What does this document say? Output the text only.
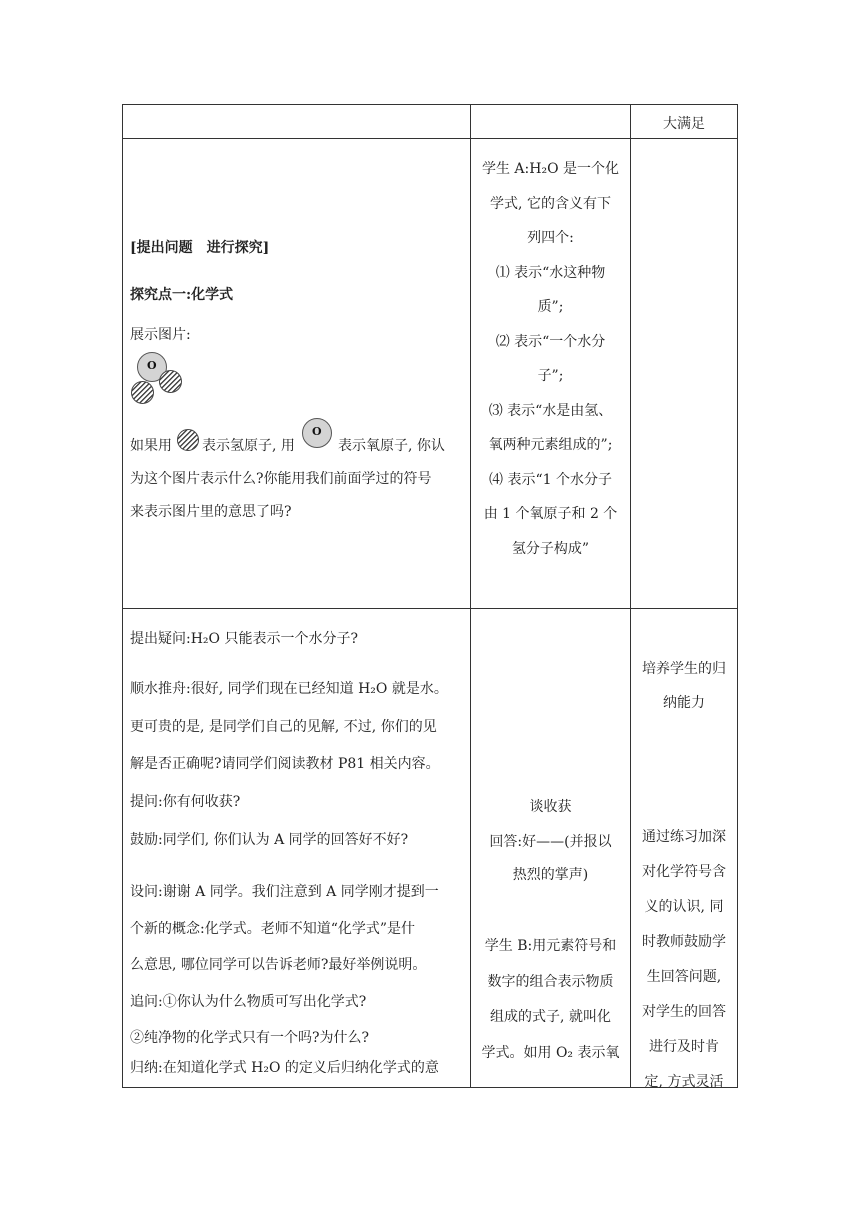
大满足
[提出问题　进行探究]
探究点一:化学式
展示图片:
O
如果用 表示氢原子, 用
O
表示氧原子, 你认
为这个图片表示什么?你能用我们前面学过的符号
来表示图片里的意思了吗?
学生 A:H₂O 是一个化
学式, 它的含义有下
列四个:
⑴ 表示“水这种物
质”;
⑵ 表示“一个水分
子”;
⑶ 表示“水是由氢、
氧两种元素组成的”;
⑷ 表示“1 个水分子
由 1 个氧原子和 2 个
氢分子构成”
提出疑问:H₂O 只能表示一个水分子?
顺水推舟:很好, 同学们现在已经知道 H₂O 就是水。
更可贵的是, 是同学们自己的见解, 不过, 你们的见
解是否正确呢?请同学们阅读教材 P81 相关内容。
提问:你有何收获?
鼓励:同学们, 你们认为 A 同学的回答好不好?
设问:谢谢 A 同学。我们注意到 A 同学刚才提到一
个新的概念:化学式。老师不知道“化学式”是什
么意思, 哪位同学可以告诉老师?最好举例说明。
追问:①你认为什么物质可写出化学式?
②纯净物的化学式只有一个吗?为什么?
归纳:在知道化学式 H₂O 的定义后归纳化学式的意
谈收获
回答:好——(并报以
热烈的掌声)
学生 B:用元素符号和
数字的组合表示物质
组成的式子, 就叫化
学式。如用 O₂ 表示氧
培养学生的归
纳能力
通过练习加深
对化学符号含
义的认识, 同
时教师鼓励学
生回答问题,
对学生的回答
进行及时肯
定, 方式灵活
